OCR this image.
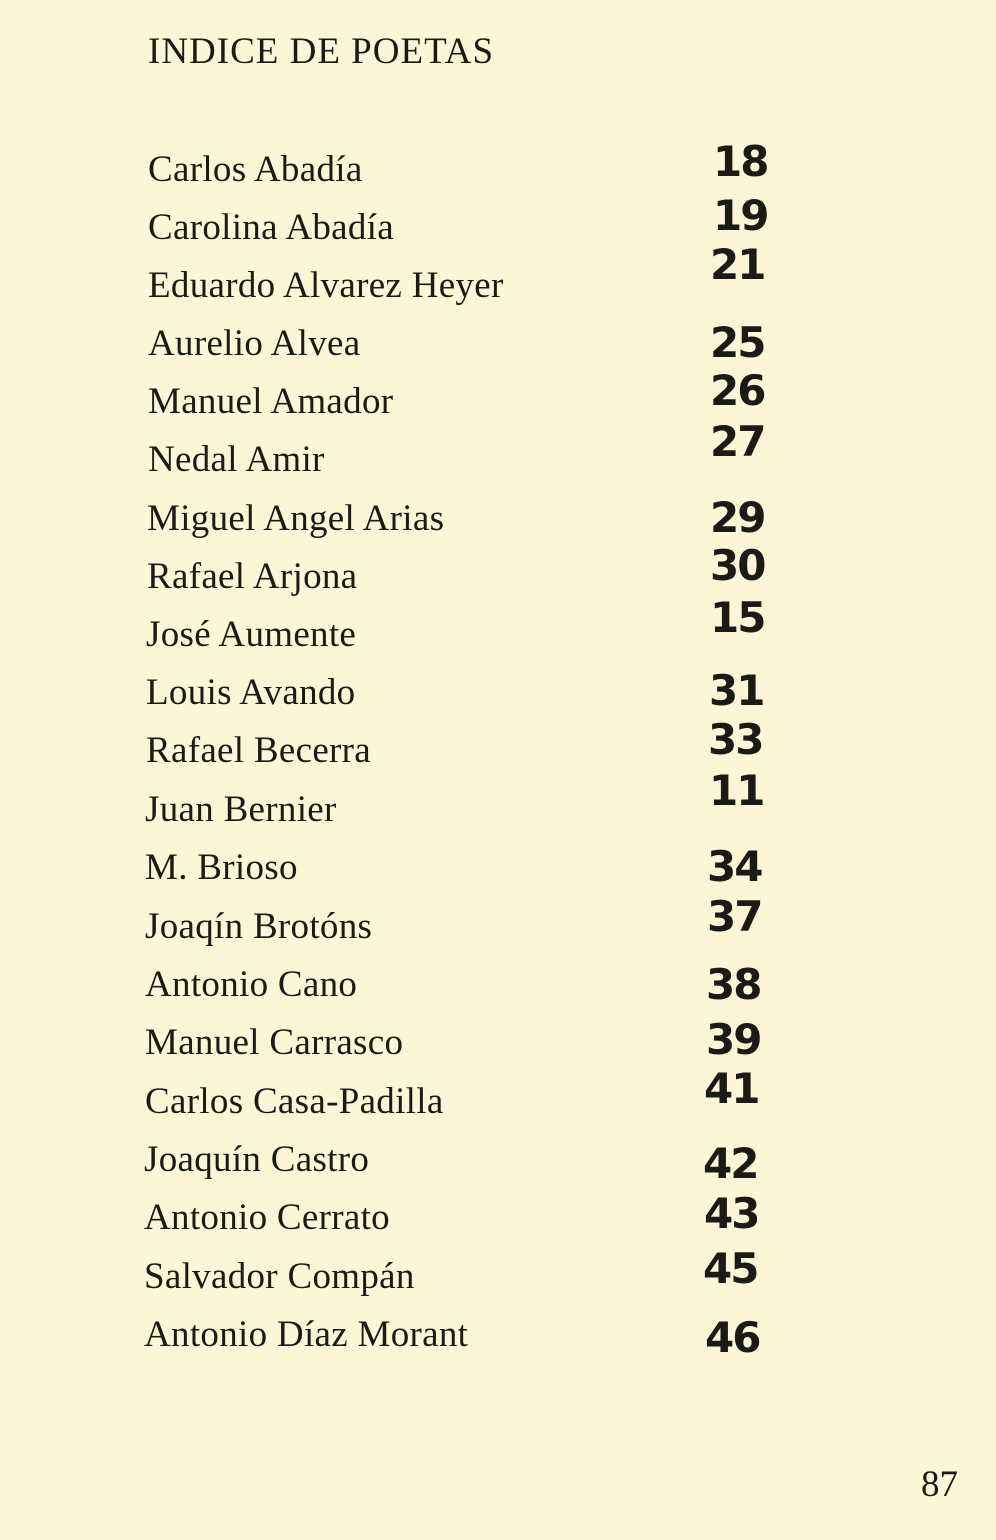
INDICE DE POETAS
Carlos Abadía	18
Carolina Abadía	19
Eduardo Alvarez Heyer	21
Aurelio Alvea	25
Manuel Amador	26
Nedal Amir	27
Miguel Angel Arias	29
Rafael Arjona	30
José Aumente	15
Louis Avando	31
Rafael Becerra	33
Juan Bernier	11
M. Brioso	34
Joaqín Brotóns	37
Antonio Cano	38
Manuel Carrasco	39
Carlos Casa-Padilla	41
Joaquín Castro	42
Antonio Cerrato	43
Salvador Compán	45
Antonio Díaz Morant	46
87
